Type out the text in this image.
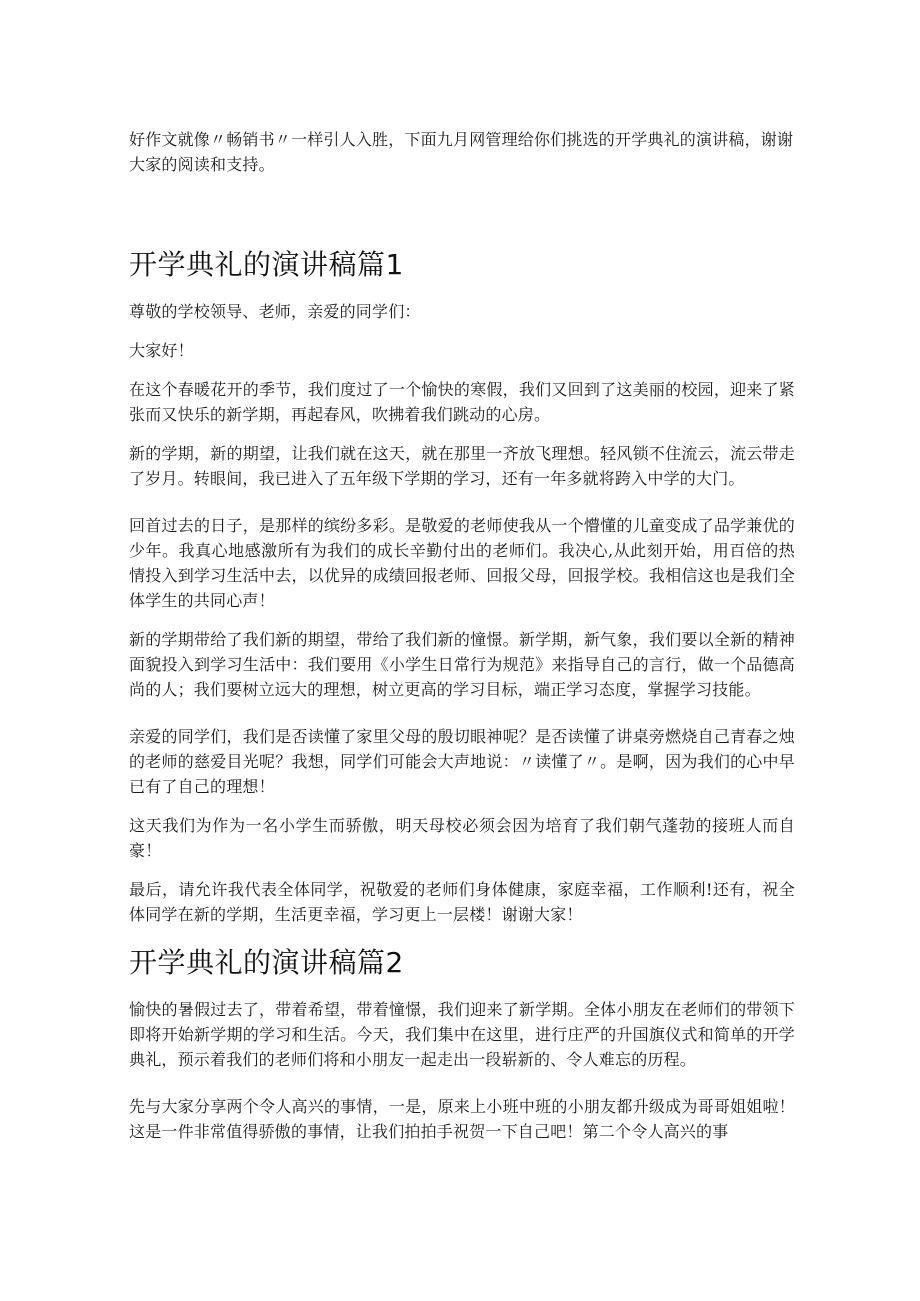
好作文就像〃畅销书〃一样引人入胜，下面九月网管理给你们挑选的开学典礼的演讲稿，谢谢大家的阅读和支持。

开学典礼的演讲稿篇1

尊敬的学校领导、老师，亲爱的同学们：

大家好！

在这个春暖花开的季节，我们度过了一个愉快的寒假，我们又回到了这美丽的校园，迎来了紧张而又快乐的新学期，再起春风，吹拂着我们跳动的心房。

新的学期，新的期望，让我们就在这天，就在那里一齐放飞理想。轻风锁不住流云，流云带走了岁月。转眼间，我已进入了五年级下学期的学习，还有一年多就将跨入中学的大门。

回首过去的日子，是那样的缤纷多彩。是敬爱的老师使我从一个懵懂的儿童变成了品学兼优的少年。我真心地感激所有为我们的成长辛勤付出的老师们。我决心,从此刻开始，用百倍的热情投入到学习生活中去，以优异的成绩回报老师、回报父母，回报学校。我相信这也是我们全体学生的共同心声！

新的学期带给了我们新的期望，带给了我们新的憧憬。新学期，新气象，我们要以全新的精神面貌投入到学习生活中：我们要用《小学生日常行为规范》来指导自己的言行，做一个品德高尚的人；我们要树立远大的理想，树立更高的学习目标，端正学习态度，掌握学习技能。

亲爱的同学们，我们是否读懂了家里父母的殷切眼神呢？是否读懂了讲桌旁燃烧自己青春之烛的老师的慈爱目光呢？我想，同学们可能会大声地说：〃读懂了〃。是啊，因为我们的心中早已有了自己的理想！

这天我们为作为一名小学生而骄傲，明天母校必须会因为培育了我们朝气蓬勃的接班人而自豪！

最后，请允许我代表全体同学，祝敬爱的老师们身体健康，家庭幸福，工作顺利!还有，祝全体同学在新的学期，生活更幸福，学习更上一层楼！谢谢大家！

开学典礼的演讲稿篇2

愉快的暑假过去了，带着希望，带着憧憬，我们迎来了新学期。全体小朋友在老师们的带领下即将开始新学期的学习和生活。今天，我们集中在这里，进行庄严的升国旗仪式和简单的开学典礼，预示着我们的老师们将和小朋友一起走出一段崭新的、令人难忘的历程。

先与大家分享两个令人高兴的事情，一是，原来上小班中班的小朋友都升级成为哥哥姐姐啦！这是一件非常值得骄傲的事情，让我们拍拍手祝贺一下自己吧！第二个令人高兴的事
